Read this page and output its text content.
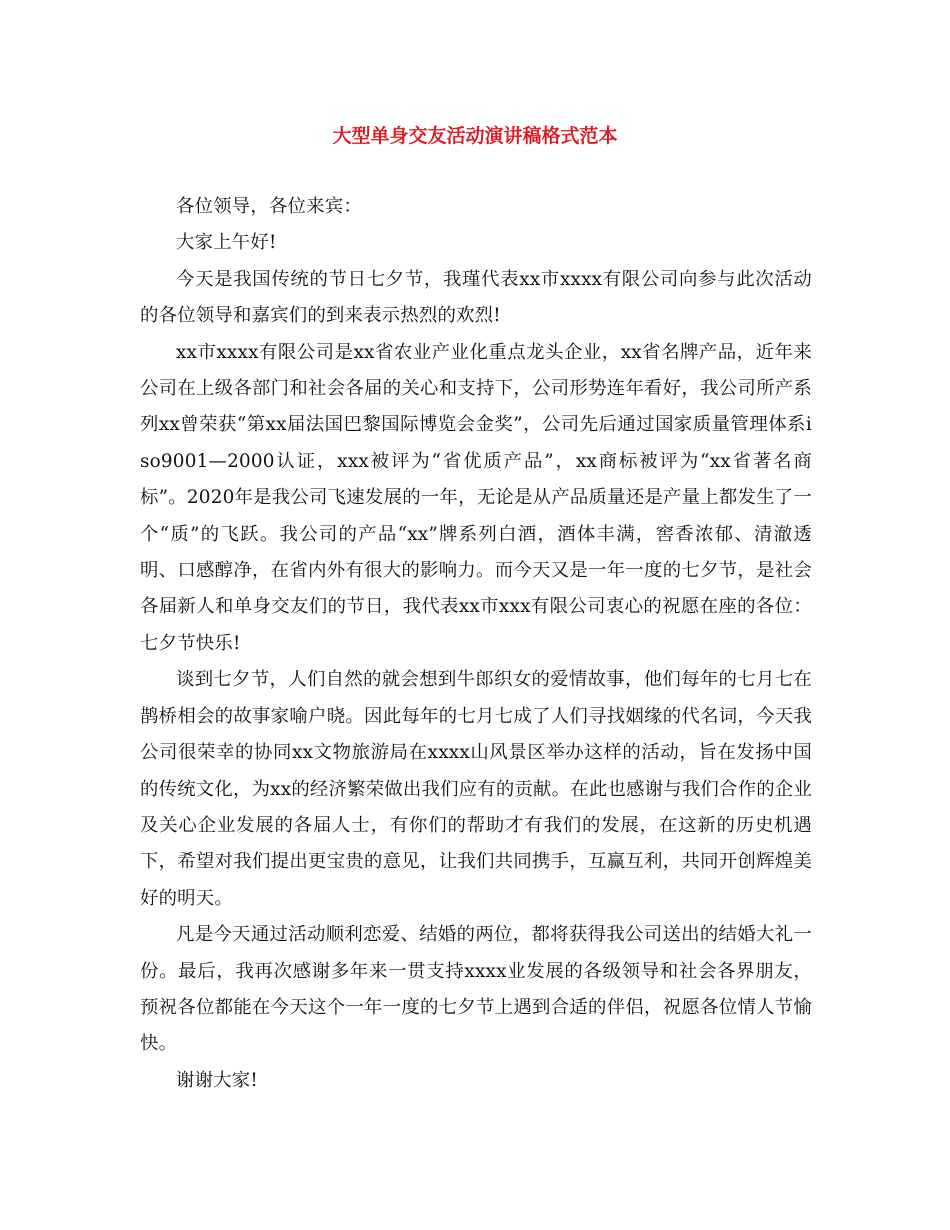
大型单身交友活动演讲稿格式范本

各位领导，各位来宾：

大家上午好!

今天是我国传统的节日七夕节，我瑾代表xx市xxxx有限公司向参与此次活动的各位领导和嘉宾们的到来表示热烈的欢烈!

xx市xxxx有限公司是xx省农业产业化重点龙头企业，xx省名牌产品，近年来公司在上级各部门和社会各届的关心和支持下，公司形势连年看好，我公司所产系列xx曾荣获“第xx届法国巴黎国际博览会金奖”，公司先后通过国家质量管理体系iso9001—2000认证，xxx被评为“省优质产品”，xx商标被评为“xx省著名商标”。2020年是我公司飞速发展的一年，无论是从产品质量还是产量上都发生了一个“质”的飞跃。我公司的产品“xx”牌系列白酒，酒体丰满，窖香浓郁、清澈透明、口感醇净，在省内外有很大的影响力。而今天又是一年一度的七夕节，是社会各届新人和单身交友们的节日，我代表xx市xxx有限公司衷心的祝愿在座的各位：七夕节快乐!

谈到七夕节，人们自然的就会想到牛郎织女的爱情故事，他们每年的七月七在鹊桥相会的故事家喻户晓。因此每年的七月七成了人们寻找姻缘的代名词，今天我公司很荣幸的协同xx文物旅游局在xxxx山风景区举办这样的活动，旨在发扬中国的传统文化，为xx的经济繁荣做出我们应有的贡献。在此也感谢与我们合作的企业及关心企业发展的各届人士，有你们的帮助才有我们的发展，在这新的历史机遇下，希望对我们提出更宝贵的意见，让我们共同携手，互赢互利，共同开创辉煌美好的明天。

凡是今天通过活动顺利恋爱、结婚的两位，都将获得我公司送出的结婚大礼一份。最后，我再次感谢多年来一贯支持xxxx业发展的各级领导和社会各界朋友，预祝各位都能在今天这个一年一度的七夕节上遇到合适的伴侣，祝愿各位情人节愉快。

谢谢大家!
